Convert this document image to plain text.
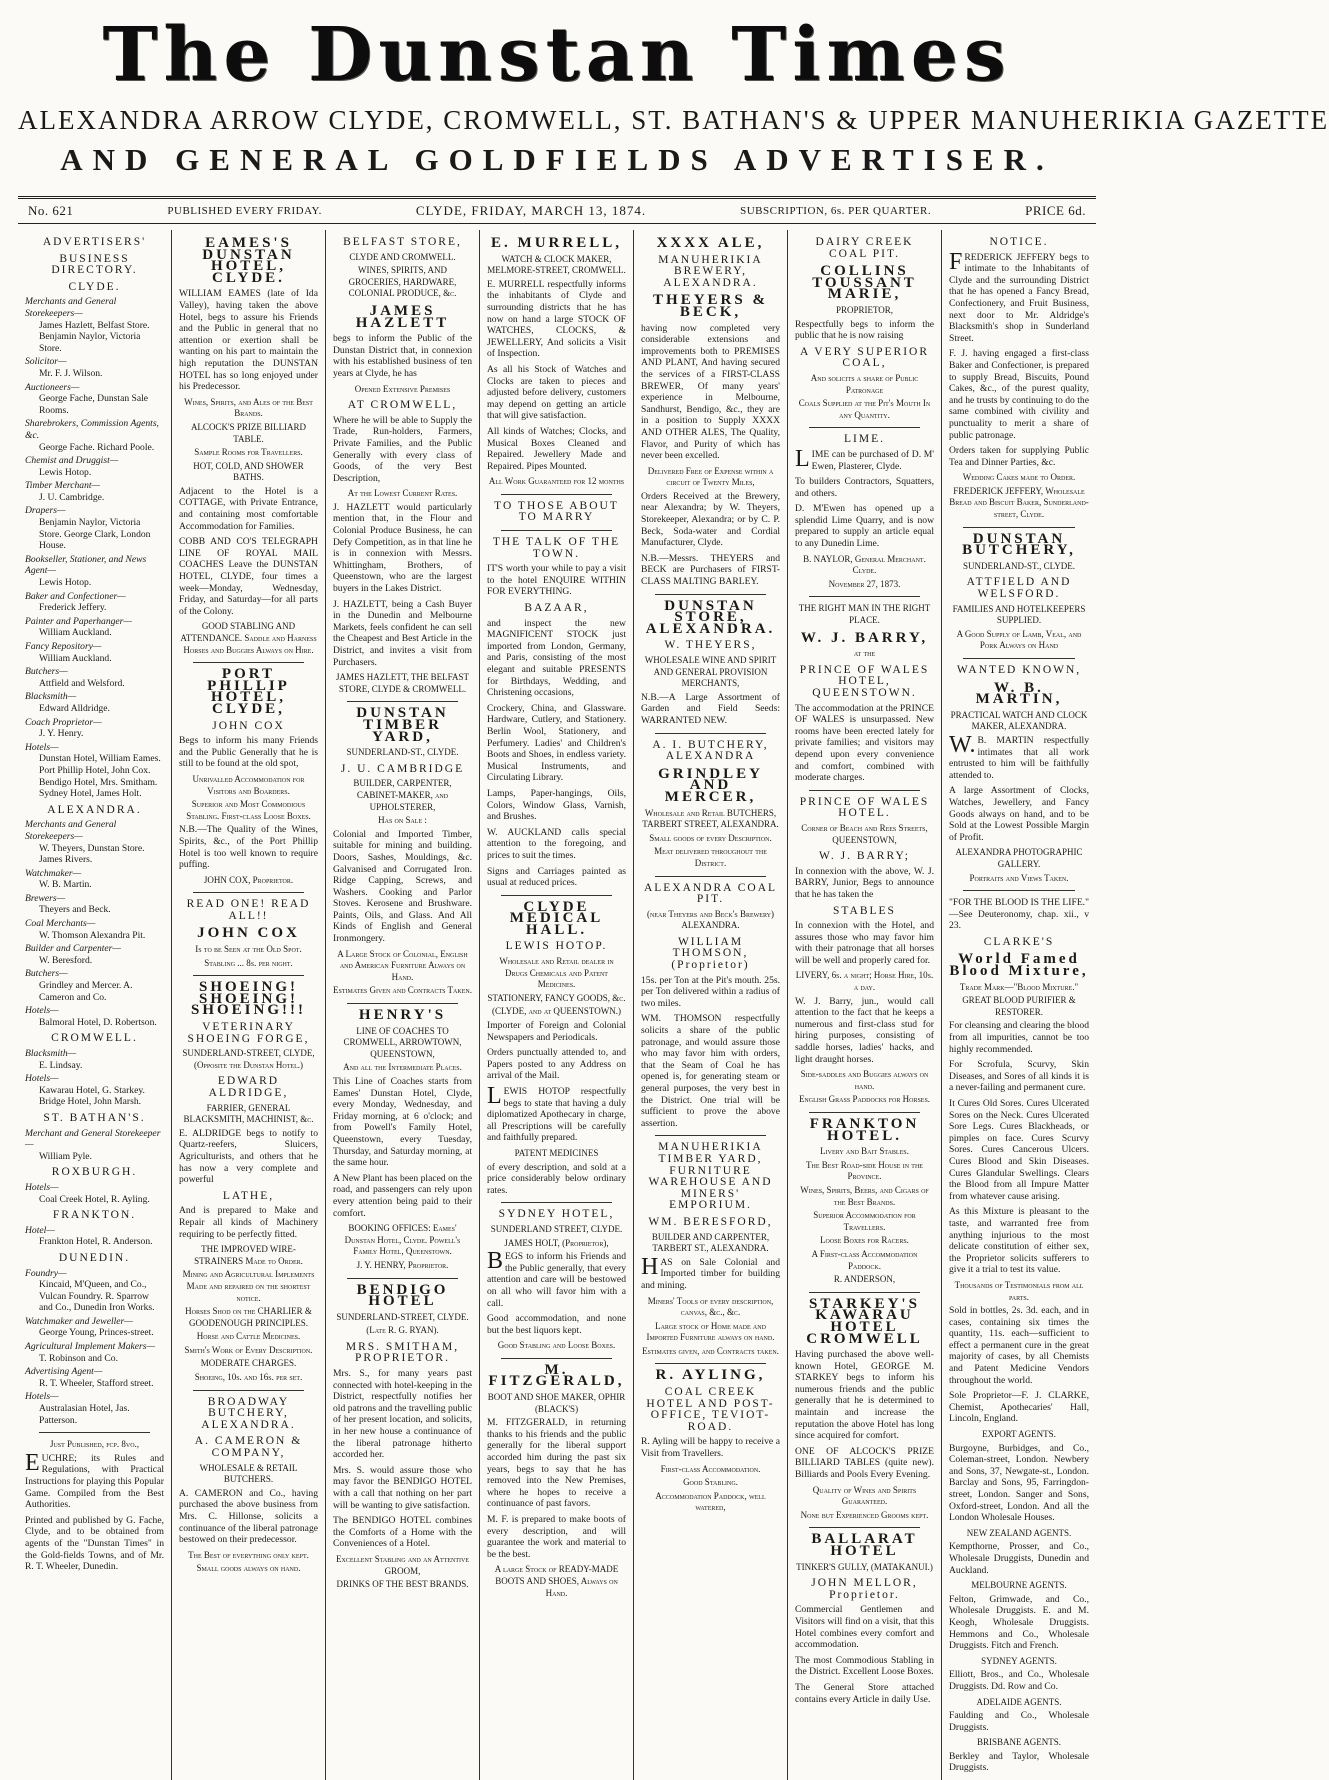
The Dunstan Times
ALEXANDRA ARROW CLYDE, CROMWELL, ST. BATHAN'S & UPPER MANUHERIKIA GAZETTE
AND GENERAL GOLDFIELDS ADVERTISER.
No. 621	PUBLISHED EVERY FRIDAY.	CLYDE, FRIDAY, MARCH 13, 1874.	SUBSCRIPTION, 6s. PER QUARTER.	PRICE 6d.
ADVERTISERS'
BUSINESS DIRECTORY.
CLYDE.

Merchants and General Storekeepers—

James Hazlett, Belfast Store. Benjamin Naylor, Victoria Store.

Solicitor—

Mr. F. J. Wilson.

Auctioneers—

George Fache, Dunstan Sale Rooms.

Sharebrokers, Commission Agents, &c.

George Fache. Richard Poole.

Chemist and Druggist—

Lewis Hotop.

Timber Merchant—

J. U. Cambridge.

Drapers—

Benjamin Naylor, Victoria Store. George Clark, London House.

Bookseller, Stationer, and News Agent—

Lewis Hotop.

Baker and Confectioner—

Frederick Jeffery.

Painter and Paperhanger—

William Auckland.

Fancy Repository—

William Auckland.

Butchers—

Attfield and Welsford.

Blacksmith—

Edward Alldridge.

Coach Proprietor—

J. Y. Henry.

Hotels—

Dunstan Hotel, William Eames. Port Phillip Hotel, John Cox. Bendigo Hotel, Mrs. Smitham. Sydney Hotel, James Holt.

ALEXANDRA.

Merchants and General Storekeepers—

W. Theyers, Dunstan Store. James Rivers.

Watchmaker—

W. B. Martin.

Brewers—

Theyers and Beck.

Coal Merchants—

W. Thomson Alexandra Pit.

Builder and Carpenter—

W. Beresford.

Butchers—

Grindley and Mercer. A. Cameron and Co.

Hotels—

Balmoral Hotel, D. Robertson.

CROMWELL.

Blacksmith—

E. Lindsay.

Hotels—

Kawarau Hotel, G. Starkey. Bridge Hotel, John Marsh.

ST. BATHAN'S.

Merchant and General Storekeeper—

William Pyle.

ROXBURGH.

Hotels—

Coal Creek Hotel, R. Ayling.

FRANKTON.

Hotel—

Frankton Hotel, R. Anderson.

DUNEDIN.

Foundry—

Kincaid, M'Queen, and Co., Vulcan Foundry. R. Sparrow and Co., Dunedin Iron Works.

Watchmaker and Jeweller—

George Young, Princes-street.

Agricultural Implement Makers—

T. Robinson and Co.

Advertising Agent—

R. T. Wheeler, Stafford street.

Hotels—

Australasian Hotel, Jas. Patterson.

Just Published, fcp. 8vo.,

EUCHRE; its Rules and Regulations, with Practical Instructions for playing this Popular Game. Compiled from the Best Authorities.

Printed and published by G. Fache, Clyde, and to be obtained from agents of the "Dunstan Times" in the Gold-fields Towns, and of Mr. R. T. Wheeler, Dunedin.

EAMES'S DUNSTAN HOTEL, CLYDE.

WILLIAM EAMES (late of Ida Valley), having taken the above Hotel, begs to assure his Friends and the Public in general that no attention or exertion shall be wanting on his part to maintain the high reputation the DUNSTAN HOTEL has so long enjoyed under his Predecessor.

Wines, Spirits, and Ales of the Best Brands.
ALCOCK'S PRIZE BILLIARD TABLE.
Sample Rooms for Travellers.
HOT, COLD, AND SHOWER BATHS.

Adjacent to the Hotel is a COTTAGE, with Private Entrance, and containing most comfortable Accommodation for Families.

COBB AND CO'S TELEGRAPH LINE OF ROYAL MAIL COACHES Leave the DUNSTAN HOTEL, CLYDE, four times a week—Monday, Wednesday, Friday, and Saturday—for all parts of the Colony.

GOOD STABLING AND ATTENDANCE. Saddle and Harness Horses and Buggies Always on Hire.
PORT PHILLIP HOTEL, CLYDE,
JOHN COX

Begs to inform his many Friends and the Public Generally that he is still to be found at the old spot,

Unrivalled Accommodation for Visitors and Boarders.
Superior and Most Commodious Stabling. First-class Loose Boxes.

N.B.—The Quality of the Wines, Spirits, &c., of the Port Phillip Hotel is too well known to require puffing.

JOHN COX, Proprietor.
READ ONE! READ ALL!!
JOHN COX
Is to be Seen at the Old Spot.
Stabling ... 8s. per night.
SHOEING! SHOEING! SHOEING!!!
VETERINARY SHOEING FORGE,
SUNDERLAND-STREET, CLYDE, (Opposite the Dunstan Hotel.)
EDWARD ALDRIDGE,
FARRIER, GENERAL BLACKSMITH, MACHINIST, &c.

E. ALDRIDGE begs to notify to Quartz-reefers, Sluicers, Agriculturists, and others that he has now a very complete and powerful

LATHE,

And is prepared to Make and Repair all kinds of Machinery requiring to be perfectly fitted.

THE IMPROVED WIRE-STRAINERS Made to Order.
Mining and Agricultural Implements Made and repaired on the shortest notice.
Horses Shod on the CHARLIER & GOODENOUGH PRINCIPLES.
Horse and Cattle Medicines.
Smith's Work of Every Description.
MODERATE CHARGES.
Shoeing, 10s. and 16s. per set.
BROADWAY BUTCHERY, ALEXANDRA.
A. CAMERON & COMPANY,
WHOLESALE & RETAIL BUTCHERS.

A. CAMERON and Co., having purchased the above business from Mrs. C. Hillonse, solicits a continuance of the liberal patronage bestowed on their predecessor.

The Best of everything only kept.
Small goods always on hand.
BELFAST STORE,
CLYDE AND CROMWELL.
WINES, SPIRITS, AND GROCERIES, HARDWARE, COLONIAL PRODUCE, &c.
JAMES HAZLETT

begs to inform the Public of the Dunstan District that, in connexion with his established business of ten years at Clyde, he has

Opened Extensive Premises
AT CROMWELL,

Where he will be able to Supply the Trade, Run-holders, Farmers, Private Families, and the Public Generally with every class of Goods, of the very Best Description,

At the Lowest Current Rates.

J. HAZLETT would particularly mention that, in the Flour and Colonial Produce Business, he can Defy Competition, as in that line he is in connexion with Messrs. Whittingham, Brothers, of Queenstown, who are the largest buyers in the Lakes District.

J. HAZLETT, being a Cash Buyer in the Dunedin and Melbourne Markets, feels confident he can sell the Cheapest and Best Article in the District, and invites a visit from Purchasers.

JAMES HAZLETT, THE BELFAST STORE, CLYDE & CROMWELL.
DUNSTAN TIMBER YARD,
SUNDERLAND-ST., CLYDE.
J. U. CAMBRIDGE
BUILDER, CARPENTER, CABINET-MAKER, and UPHOLSTERER,
Has on Sale :

Colonial and Imported Timber, suitable for mining and building. Doors, Sashes, Mouldings, &c. Galvanised and Corrugated Iron. Ridge Capping, Screws, and Washers. Cooking and Parlor Stoves. Kerosene and Brushware. Paints, Oils, and Glass. And All Kinds of English and General Ironmongery.

A Large Stock of Colonial, English and American Furniture Always on Hand.
Estimates Given and Contracts Taken.
HENRY'S
LINE OF COACHES TO CROMWELL, ARROWTOWN, QUEENSTOWN,
And all the Intermediate Places.

This Line of Coaches starts from Eames' Dunstan Hotel, Clyde, every Monday, Wednesday, and Friday morning, at 6 o'clock; and from Powell's Family Hotel, Queenstown, every Tuesday, Thursday, and Saturday morning, at the same hour.

A New Plant has been placed on the road, and passengers can rely upon every attention being paid to their comfort.

BOOKING OFFICES: Eames' Dunstan Hotel, Clyde. Powell's Family Hotel, Queenstown.
J. Y. HENRY, Proprietor.
BENDIGO HOTEL
SUNDERLAND-STREET, CLYDE.
(Late R. G. RYAN).
MRS. SMITHAM, PROPRIETOR.

Mrs. S., for many years past connected with hotel-keeping in the District, respectfully notifies her old patrons and the travelling public of her present location, and solicits, in her new house a continuance of the liberal patronage hitherto accorded her.

Mrs. S. would assure those who may favor the BENDIGO HOTEL with a call that nothing on her part will be wanting to give satisfaction.

The BENDIGO HOTEL combines the Comforts of a Home with the Conveniences of a Hotel.

Excellent Stabling and an Attentive GROOM,
DRINKS OF THE BEST BRANDS.
E. MURRELL,
WATCH & CLOCK MAKER, MELMORE-STREET, CROMWELL.

E. MURRELL respectfully informs the inhabitants of Clyde and surrounding districts that he has now on hand a large STOCK OF WATCHES, CLOCKS, & JEWELLERY, And solicits a Visit of Inspection.

As all his Stock of Watches and Clocks are taken to pieces and adjusted before delivery, customers may depend on getting an article that will give satisfaction.

All kinds of Watches; Clocks, and Musical Boxes Cleaned and Repaired. Jewellery Made and Repaired. Pipes Mounted.

All Work Guaranteed for 12 months
TO THOSE ABOUT TO MARRY
THE TALK OF THE TOWN.

IT'S worth your while to pay a visit to the hotel ENQUIRE WITHIN FOR EVERYTHING.

BAZAAR,

and inspect the new MAGNIFICENT STOCK just imported from London, Germany, and Paris, consisting of the most elegant and suitable PRESENTS for Birthdays, Wedding, and Christening occasions,

Crockery, China, and Glassware. Hardware, Cutlery, and Stationery. Berlin Wool, Stationery, and Perfumery. Ladies' and Children's Boots and Shoes, in endless variety. Musical Instruments, and Circulating Library.

Lamps, Paper-hangings, Oils, Colors, Window Glass, Varnish, and Brushes.

W. AUCKLAND calls special attention to the foregoing, and prices to suit the times.

Signs and Carriages painted as usual at reduced prices.

CLYDE MEDICAL HALL.
LEWIS HOTOP.
Wholesale and Retail dealer in Drugs Chemicals and Patent Medicines.
STATIONERY, FANCY GOODS, &c.
(CLYDE, and at QUEENSTOWN.)

Importer of Foreign and Colonial Newspapers and Periodicals.

Orders punctually attended to, and Papers posted to any Address on arrival of the Mail.

LEWIS HOTOP respectfully begs to state that having a duly diplomatized Apothecary in charge, all Prescriptions will be carefully and faithfully prepared.

PATENT MEDICINES

of every description, and sold at a price considerably below ordinary rates.

SYDNEY HOTEL,
SUNDERLAND STREET, CLYDE.
JAMES HOLT, (Proprietor),

BEGS to inform his Friends and the Public generally, that every attention and care will be bestowed on all who will favor him with a call.

Good accommodation, and none but the best liquors kept.

Good Stabling and Loose Boxes.
M. FITZGERALD,
BOOT AND SHOE MAKER, OPHIR (BLACK'S)

M. FITZGERALD, in returning thanks to his friends and the public generally for the liberal support accorded him during the past six years, begs to say that he has removed into the New Premises, where he hopes to receive a continuance of past favors.

M. F. is prepared to make boots of every description, and will guarantee the work and material to be the best.

A large Stock of READY-MADE BOOTS AND SHOES, Always on Hand.
XXXX ALE,
MANUHERIKIA BREWERY, ALEXANDRA.
THEYERS & BECK,

having now completed very considerable extensions and improvements both to PREMISES AND PLANT, And having secured the services of a FIRST-CLASS BREWER, Of many years' experience in Melbourne, Sandhurst, Bendigo, &c., they are in a position to Supply XXXX AND OTHER ALES, The Quality, Flavor, and Purity of which has never been excelled.

Delivered Free of Expense within a circuit of Twenty Miles,

Orders Received at the Brewery, near Alexandra; by W. Theyers, Storekeeper, Alexandra; or by C. P. Beck, Soda-water and Cordial Manufacturer, Clyde.

N.B.—Messrs. THEYERS and BECK are Purchasers of FIRST-CLASS MALTING BARLEY.

DUNSTAN STORE, ALEXANDRA.
W. THEYERS,
WHOLESALE WINE AND SPIRIT AND GENERAL PROVISION MERCHANTS,

N.B.—A Large Assortment of Garden and Field Seeds: WARRANTED NEW.

A. I. BUTCHERY, ALEXANDRA
GRINDLEY AND MERCER,
Wholesale and Retail BUTCHERS, TARBERT STREET, ALEXANDRA.
Small goods of every Description.
Meat delivered throughout the District.
ALEXANDRA COAL PIT.
(near Theyers and Beck's Brewery) ALEXANDRA.
WILLIAM THOMSON, (Proprietor)

15s. per Ton at the Pit's mouth. 25s. per Ton delivered within a radius of two miles.

WM. THOMSON respectfully solicits a share of the public patronage, and would assure those who may favor him with orders, that the Seam of Coal he has opened is, for generating steam or general purposes, the very best in the District. One trial will be sufficient to prove the above assertion.

MANUHERIKIA TIMBER YARD, FURNITURE WAREHOUSE AND MINERS' EMPORIUM.
WM. BERESFORD,
BUILDER AND CARPENTER, TARBERT ST., ALEXANDRA.

HAS on Sale Colonial and Imported timber for building and mining.

Miners' Tools of every description, canvas, &c., &c.
Large stock of Home made and Imported Furniture always on hand.
Estimates given, and Contracts taken.
R. AYLING,
COAL CREEK HOTEL AND POST-OFFICE, TEVIOT-ROAD.

R. Ayling will be happy to receive a Visit from Travellers.

First-class Accommodation.
Good Stabling.
Accommodation Paddock, well watered,
DAIRY CREEK COAL PIT.
COLLINS TOUSSANT MARIE,
PROPRIETOR,

Respectfully begs to inform the public that he is now raising

A VERY SUPERIOR COAL,
And solicits a share of Public Patronage
Coals Supplied at the Pit's Mouth In any Quantity.
LIME.

LIME can be purchased of D. M' Ewen, Plasterer, Clyde.

To builders Contractors, Squatters, and others.

D. M'Ewen has opened up a splendid Lime Quarry, and is now prepared to supply an article equal to any Dunedin Lime.

B. NAYLOR, General Merchant. Clyde.
November 27, 1873.
THE RIGHT MAN IN THE RIGHT PLACE.
W. J. BARRY,
at the
PRINCE OF WALES HOTEL, QUEENSTOWN.

The accommodation at the PRINCE OF WALES is unsurpassed. New rooms have been erected lately for private families; and visitors may depend upon every convenience and comfort, combined with moderate charges.

PRINCE OF WALES HOTEL.
Corner of Beach and Rees Streets, QUEENSTOWN,
W. J. BARRY;

In connexion with the above, W. J. BARRY, Junior, Begs to announce that he has taken the

STABLES

In connexion with the Hotel, and assures those who may favor him with their patronage that all horses will be well and properly cared for.

LIVERY, 6s. a night; Horse Hire, 10s. a day.

W. J. Barry, jun., would call attention to the fact that he keeps a numerous and first-class stud for hiring purposes, consisting of saddle horses, ladies' hacks, and light draught horses.

Side-saddles and Buggies always on hand.
English Grass Paddocks for Horses.
FRANKTON HOTEL.
Livery and Bait Stables.
The Best Road-side House in the Province.
Wines, Spirits, Beers, and Cigars of the Best Brands.
Superior Accommodation for Travellers.
Loose Boxes for Racers.
A First-class Accommodation Paddock.
R. ANDERSON,
STARKEY'S KAWARAU HOTEL CROMWELL

Having purchased the above well-known Hotel, GEORGE M. STARKEY begs to inform his numerous friends and the public generally that he is determined to maintain and increase the reputation the above Hotel has long since acquired for comfort.

ONE OF ALCOCK'S PRIZE BILLIARD TABLES (quite new). Billiards and Pools Every Evening.

Quality of Wines and Spirits Guaranteed.
None but Experienced Grooms kept.
BALLARAT HOTEL
TINKER'S GULLY, (MATAKANUI.)
JOHN MELLOR, Proprietor.

Commercial Gentlemen and Visitors will find on a visit, that this Hotel combines every comfort and accommodation.

The most Commodious Stabling in the District. Excellent Loose Boxes.

The General Store attached contains every Article in daily Use.

NOTICE.

FREDERICK JEFFERY begs to intimate to the Inhabitants of Clyde and the surrounding District that he has opened a Fancy Bread, Confectionery, and Fruit Business, next door to Mr. Aldridge's Blacksmith's shop in Sunderland Street.

F. J. having engaged a first-class Baker and Confectioner, is prepared to supply Bread, Biscuits, Pound Cakes, &c., of the purest quality, and he trusts by continuing to do the same combined with civility and punctuality to merit a share of public patronage.

Orders taken for supplying Public Tea and Dinner Parties, &c.

Wedding Cakes made to Order.
FREDERICK JEFFERY, Wholesale Bread and Biscuit Baker, Sunderland-street, Clyde.
DUNSTAN BUTCHERY,
SUNDERLAND-ST., CLYDE.
ATTFIELD AND WELSFORD.
FAMILIES AND HOTELKEEPERS SUPPLIED.
A Good Supply of Lamb, Veal, and Pork Always on Hand
WANTED KNOWN,
W. B. MARTIN,
PRACTICAL WATCH AND CLOCK MAKER, ALEXANDRA.

W.B. MARTIN respectfully intimates that all work entrusted to him will be faithfully attended to.

A large Assortment of Clocks, Watches, Jewellery, and Fancy Goods always on hand, and to be Sold at the Lowest Possible Margin of Profit.

ALEXANDRA PHOTOGRAPHIC GALLERY.
Portraits and Views Taken.

"FOR THE BLOOD IS THE LIFE." —See Deuteronomy, chap. xii., v 23.

CLARKE'S
World Famed Blood Mixture,
Trade Mark—"Blood Mixture."
GREAT BLOOD PURIFIER & RESTORER.

For cleansing and clearing the blood from all impurities, cannot be too highly recommended.

For Scrofula, Scurvy, Skin Diseases, and Sores of all kinds it is a never-failing and permanent cure.

It Cures Old Sores. Cures Ulcerated Sores on the Neck. Cures Ulcerated Sore Legs. Cures Blackheads, or pimples on face. Cures Scurvy Sores. Cures Cancerous Ulcers. Cures Blood and Skin Diseases. Cures Glandular Swellings. Clears the Blood from all Impure Matter from whatever cause arising.

As this Mixture is pleasant to the taste, and warranted free from anything injurious to the most delicate constitution of either sex, the Proprietor solicits sufferers to give it a trial to test its value.

Thousands of Testimonials from all parts.

Sold in bottles, 2s. 3d. each, and in cases, containing six times the quantity, 11s. each—sufficient to effect a permanent cure in the great majority of cases, by all Chemists and Patent Medicine Vendors throughout the world.

Sole Proprietor—F. J. CLARKE, Chemist, Apothecaries' Hall, Lincoln, England.

EXPORT AGENTS.

Burgoyne, Burbidges, and Co., Coleman-street, London. Newbery and Sons, 37, Newgate-st., London. Barclay and Sons, 95, Farringdon-street, London. Sanger and Sons, Oxford-street, London. And all the London Wholesale Houses.

NEW ZEALAND AGENTS.

Kempthorne, Prosser, and Co., Wholesale Druggists, Dunedin and Auckland.

MELBOURNE AGENTS.

Felton, Grimwade, and Co., Wholesale Druggists. E. and M. Keogh, Wholesale Druggists. Hemmons and Co., Wholesale Druggists. Fitch and French.

SYDNEY AGENTS.

Elliott, Bros., and Co., Wholesale Druggists. Dd. Row and Co.

ADELAIDE AGENTS.

Faulding and Co., Wholesale Druggists.

BRISBANE AGENTS.

Berkley and Taylor, Wholesale Druggists.
